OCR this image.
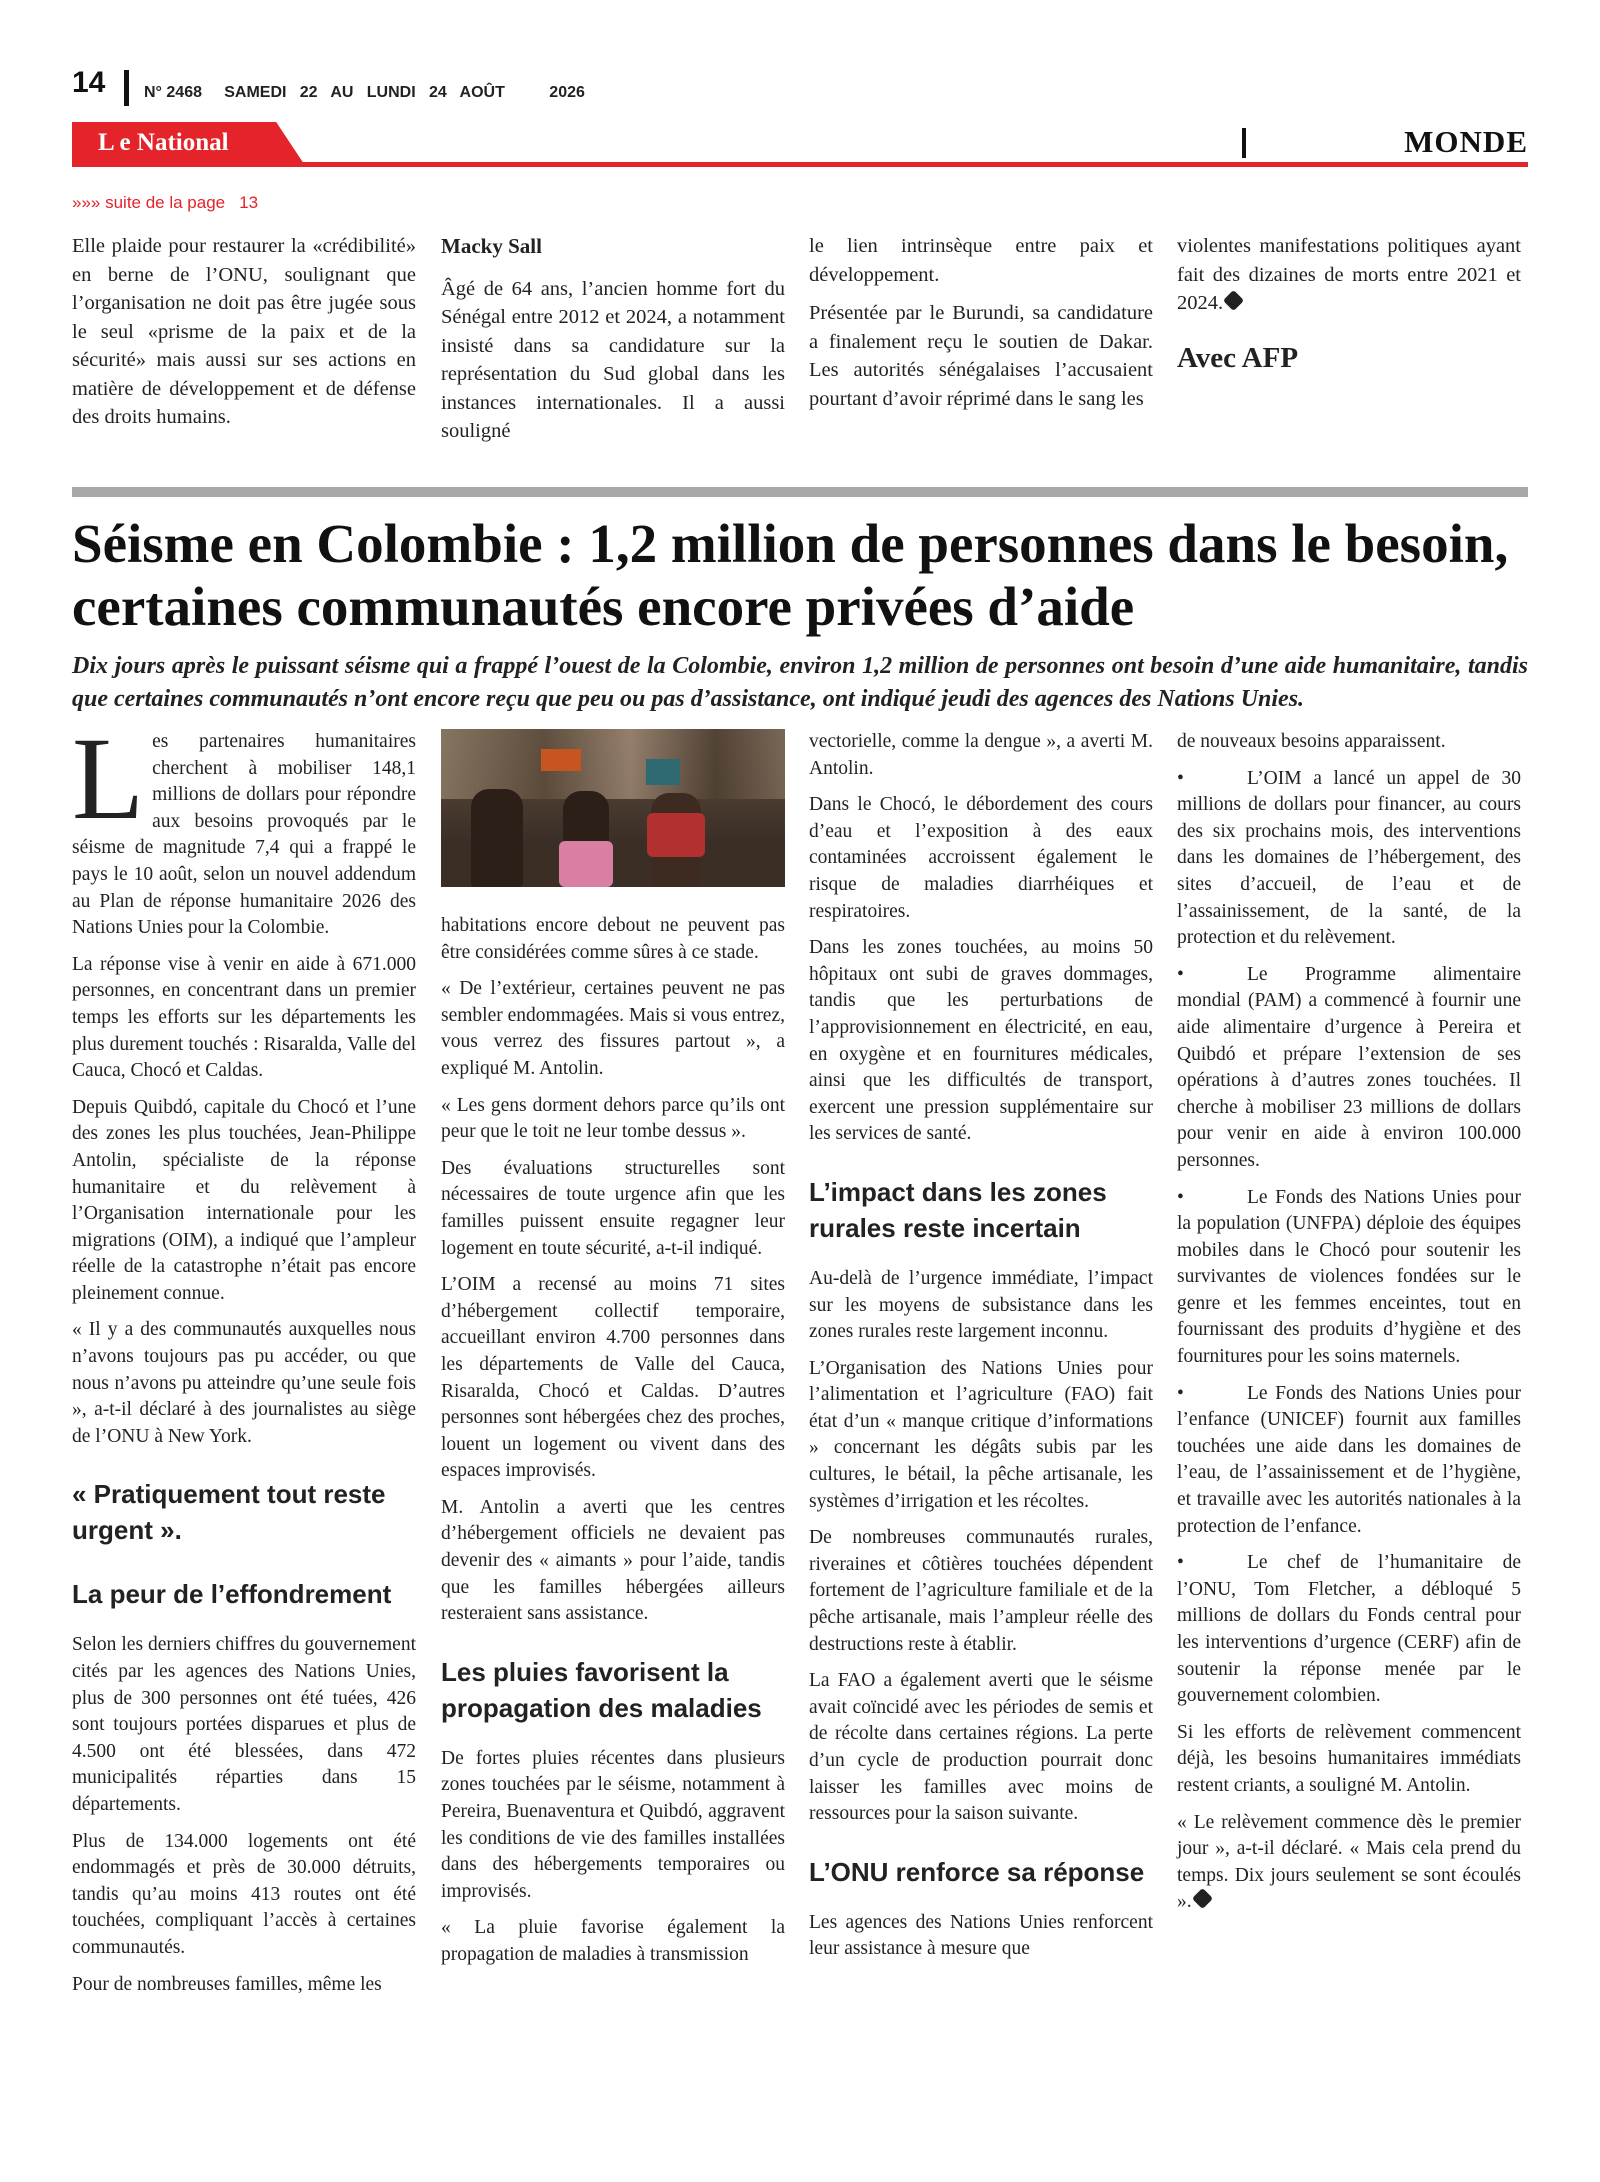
14 N° 2468     SAMEDI   22   AU   LUNDI   24   AOÛT          2026
L e National	MONDE
»»» suite de la page 13

Elle plaide pour restaurer la «crédibilité» en berne de l’ONU, soulignant que l’organisation ne doit pas être jugée sous le seul «prisme de la paix et de la sécurité» mais aussi sur ses actions en matière de développement et de défense des droits humains.

Macky Sall

Âgé de 64 ans, l’ancien homme fort du Sénégal entre 2012 et 2024, a notamment insisté dans sa candidature sur la représentation du Sud global dans les instances internationales. Il a aussi souligné

le lien intrinsèque entre paix et développement.

Présentée par le Burundi, sa candidature a finalement reçu le soutien de Dakar. Les autorités sénégalaises l’accusaient pourtant d’avoir réprimé dans le sang les

violentes manifestations politiques ayant fait des dizaines de morts entre 2021 et 2024.

Avec AFP
Séisme en Colombie : 1,2 million de personnes dans le besoin, certaines communautés encore privées d’aide

Dix jours après le puissant séisme qui a frappé l’ouest de la Colombie, environ 1,2 million de personnes ont besoin d’une aide humanitaire, tandis que certaines communautés n’ont encore reçu que peu ou pas d’assistance, ont indiqué jeudi des agences des Nations Unies.

Les partenaires humanitaires cherchent à mobiliser 148,1 millions de dollars pour répondre aux besoins provoqués par le séisme de magnitude 7,4 qui a frappé le pays le 10 août, selon un nouvel addendum au Plan de réponse humanitaire 2026 des Nations Unies pour la Colombie.

La réponse vise à venir en aide à 671.000 personnes, en concentrant dans un premier temps les efforts sur les départements les plus durement touchés : Risaralda, Valle del Cauca, Chocó et Caldas.

Depuis Quibdó, capitale du Chocó et l’une des zones les plus touchées, Jean-Philippe Antolin, spécialiste de la réponse humanitaire et du relèvement à l’Organisation internationale pour les migrations (OIM), a indiqué que l’ampleur réelle de la catastrophe n’était pas encore pleinement connue.

« Il y a des communautés auxquelles nous n’avons toujours pas pu accéder, ou que nous n’avons pu atteindre qu’une seule fois », a-t-il déclaré à des journalistes au siège de l’ONU à New York.

« Pratiquement tout reste urgent ».
La peur de l’effondrement

Selon les derniers chiffres du gouvernement cités par les agences des Nations Unies, plus de 300 personnes ont été tuées, 426 sont toujours portées disparues et plus de 4.500 ont été blessées, dans 472 municipalités réparties dans 15 départements.

Plus de 134.000 logements ont été endommagés et près de 30.000 détruits, tandis qu’au moins 413 routes ont été touchées, compliquant l’accès à certaines communautés.

Pour de nombreuses familles, même les

habitations encore debout ne peuvent pas être considérées comme sûres à ce stade.

« De l’extérieur, certaines peuvent ne pas sembler endommagées. Mais si vous entrez, vous verrez des fissures partout », a expliqué M. Antolin.

« Les gens dorment dehors parce qu’ils ont peur que le toit ne leur tombe dessus ».

Des évaluations structurelles sont nécessaires de toute urgence afin que les familles puissent ensuite regagner leur logement en toute sécurité, a-t-il indiqué.

L’OIM a recensé au moins 71 sites d’hébergement collectif temporaire, accueillant environ 4.700 personnes dans les départements de Valle del Cauca, Risaralda, Chocó et Caldas. D’autres personnes sont hébergées chez des proches, louent un logement ou vivent dans des espaces improvisés.

M. Antolin a averti que les centres d’hébergement officiels ne devaient pas devenir des « aimants » pour l’aide, tandis que les familles hébergées ailleurs resteraient sans assistance.

Les pluies favorisent la propagation des maladies

De fortes pluies récentes dans plusieurs zones touchées par le séisme, notamment à Pereira, Buenaventura et Quibdó, aggravent les conditions de vie des familles installées dans des hébergements temporaires ou improvisés.

« La pluie favorise également la propagation de maladies à transmission

vectorielle, comme la dengue », a averti M. Antolin.

Dans le Chocó, le débordement des cours d’eau et l’exposition à des eaux contaminées accroissent également le risque de maladies diarrhéiques et respiratoires.

Dans les zones touchées, au moins 50 hôpitaux ont subi de graves dommages, tandis que les perturbations de l’approvisionnement en électricité, en eau, en oxygène et en fournitures médicales, ainsi que les difficultés de transport, exercent une pression supplémentaire sur les services de santé.

L’impact dans les zones rurales reste incertain

Au-delà de l’urgence immédiate, l’impact sur les moyens de subsistance dans les zones rurales reste largement inconnu.

L’Organisation des Nations Unies pour l’alimentation et l’agriculture (FAO) fait état d’un « manque critique d’informations » concernant les dégâts subis par les cultures, le bétail, la pêche artisanale, les systèmes d’irrigation et les récoltes.

De nombreuses communautés rurales, riveraines et côtières touchées dépendent fortement de l’agriculture familiale et de la pêche artisanale, mais l’ampleur réelle des destructions reste à établir.

La FAO a également averti que le séisme avait coïncidé avec les périodes de semis et de récolte dans certaines régions. La perte d’un cycle de production pourrait donc laisser les familles avec moins de ressources pour la saison suivante.

L’ONU renforce sa réponse

Les agences des Nations Unies renforcent leur assistance à mesure que

de nouveaux besoins apparaissent.

• L’OIM a lancé un appel de 30 millions de dollars pour financer, au cours des six prochains mois, des interventions dans les domaines de l’hébergement, des sites d’accueil, de l’eau et de l’assainissement, de la santé, de la protection et du relèvement.

• Le Programme alimentaire mondial (PAM) a commencé à fournir une aide alimentaire d’urgence à Pereira et Quibdó et prépare l’extension de ses opérations à d’autres zones touchées. Il cherche à mobiliser 23 millions de dollars pour venir en aide à environ 100.000 personnes.

• Le Fonds des Nations Unies pour la population (UNFPA) déploie des équipes mobiles dans le Chocó pour soutenir les survivantes de violences fondées sur le genre et les femmes enceintes, tout en fournissant des produits d’hygiène et des fournitures pour les soins maternels.

• Le Fonds des Nations Unies pour l’enfance (UNICEF) fournit aux familles touchées une aide dans les domaines de l’eau, de l’assainissement et de l’hygiène, et travaille avec les autorités nationales à la protection de l’enfance.

• Le chef de l’humanitaire de l’ONU, Tom Fletcher, a débloqué 5 millions de dollars du Fonds central pour les interventions d’urgence (CERF) afin de soutenir la réponse menée par le gouvernement colombien.

Si les efforts de relèvement commencent déjà, les besoins humanitaires immédiats restent criants, a souligné M. Antolin.

« Le relèvement commence dès le premier jour », a-t-il déclaré. « Mais cela prend du temps. Dix jours seulement se sont écoulés ».
